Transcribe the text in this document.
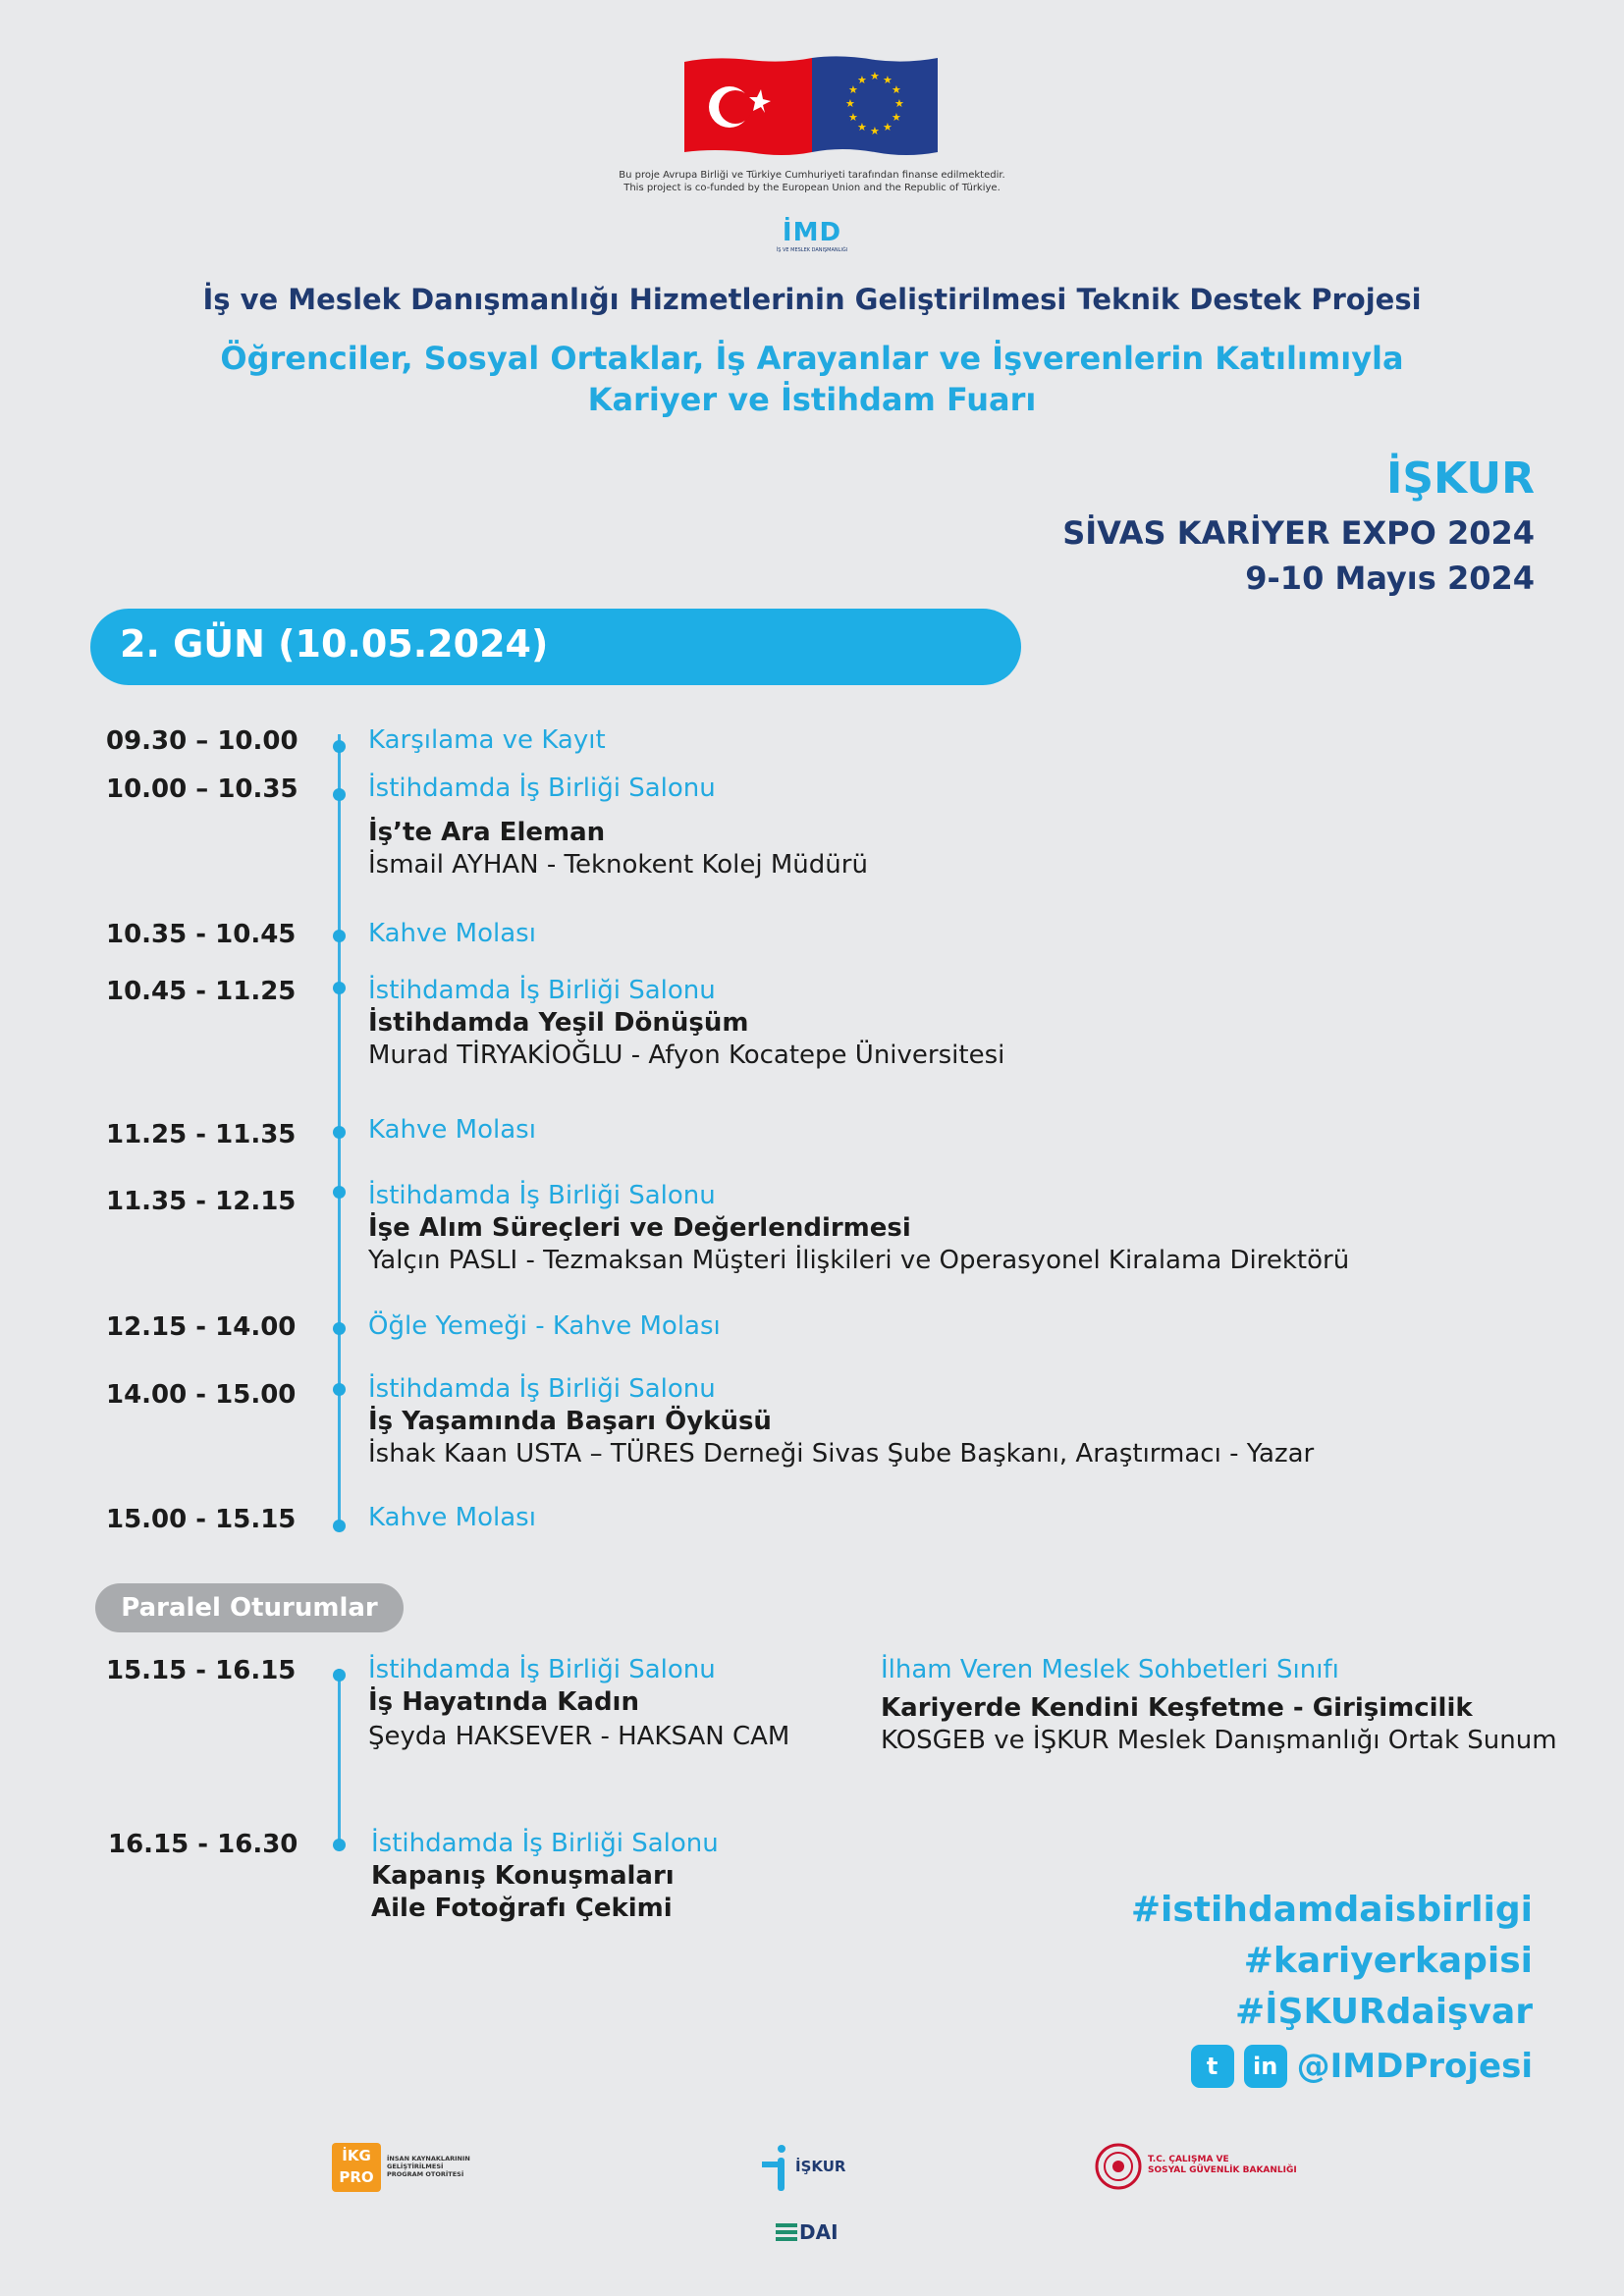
★ ★
★
★
★
★
★
★
★
★
★
★
Bu proje Avrupa Birliği ve Türkiye Cumhuriyeti tarafından finanse edilmektedir.
This project is co-funded by the European Union and the Republic of Türkiye.
İMD
İŞ VE MESLEK DANIŞMANLIĞI
İş ve Meslek Danışmanlığı Hizmetlerinin Geliştirilmesi Teknik Destek Projesi
Öğrenciler, Sosyal Ortaklar, İş Arayanlar ve İşverenlerin Katılımıyla
Kariyer ve İstihdam Fuarı
İŞKUR
SİVAS KARİYER EXPO 2024
9-10 Mayıs 2024
2. GÜN (10.05.2024)
09.30 – 10.00	Karşılama ve Kayıt
10.00 – 10.35	İstihdamda İş Birliği Salonu
İş’te Ara Eleman
İsmail AYHAN - Teknokent Kolej Müdürü
10.35 - 10.45	Kahve Molası
10.45 - 11.25	İstihdamda İş Birliği Salonu
İstihdamda Yeşil Dönüşüm
Murad TİRYAKİOĞLU - Afyon Kocatepe Üniversitesi
11.25 - 11.35	Kahve Molası
11.35 - 12.15	İstihdamda İş Birliği Salonu
İşe Alım Süreçleri ve Değerlendirmesi
Yalçın PASLI - Tezmaksan Müşteri İlişkileri ve Operasyonel Kiralama Direktörü
12.15 - 14.00	Öğle Yemeği - Kahve Molası
14.00 - 15.00	İstihdamda İş Birliği Salonu
İş Yaşamında Başarı Öyküsü
İshak Kaan USTA – TÜRES Derneği Sivas Şube Başkanı, Araştırmacı - Yazar
15.00 - 15.15	Kahve Molası
Paralel Oturumlar
15.15 - 16.15	İstihdamda İş Birliği Salonu
İş Hayatında Kadın
Şeyda HAKSEVER - HAKSAN CAM
İlham Veren Meslek Sohbetleri Sınıfı
Kariyerde Kendini Keşfetme - Girişimcilik
KOSGEB ve İŞKUR Meslek Danışmanlığı Ortak Sunum
16.15 - 16.30	İstihdamda İş Birliği Salonu
Kapanış Konuşmaları
Aile Fotoğrafı Çekimi	#istihdamdaisbirligi
#kariyerkapisi
#İŞKURdaişvar
t	in @IMDProjesi
İKG PRO
İNSAN KAYNAKLARININ
GELİŞTİRİLMESİ
PROGRAM OTORİTESİ	İŞKUR	T.C. ÇALIŞMA VE
SOSYAL GÜVENLİK BAKANLIĞI
DAI
